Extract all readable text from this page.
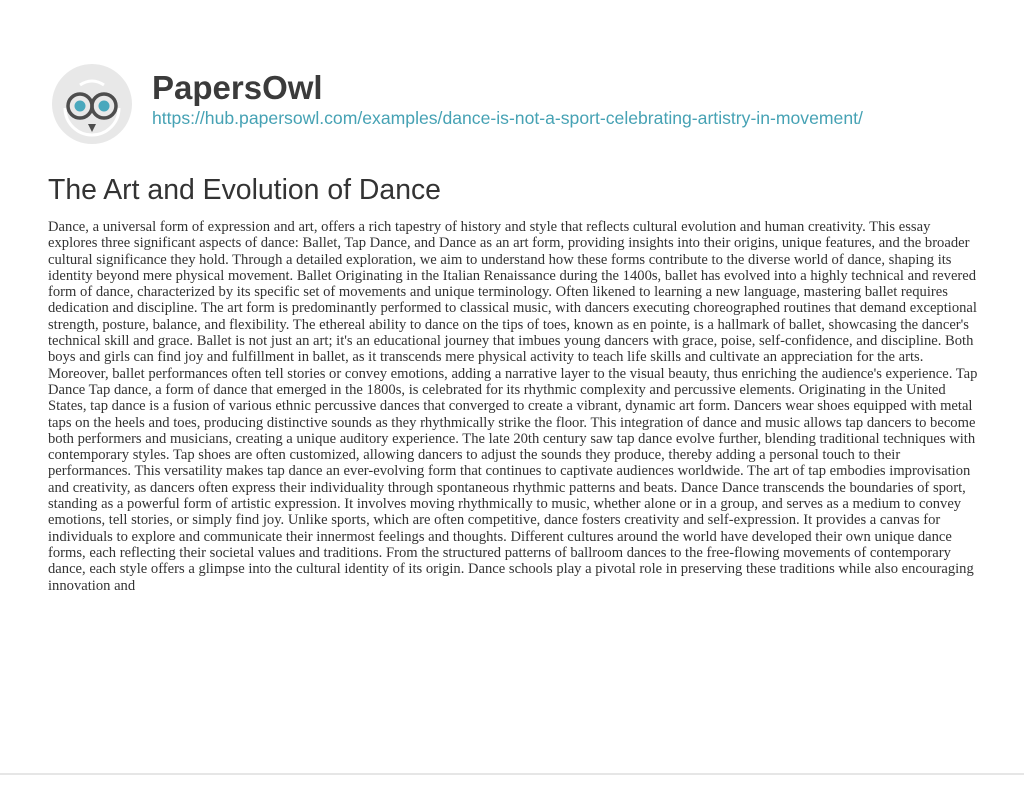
PapersOwl
https://hub.papersowl.com/examples/dance-is-not-a-sport-celebrating-artistry-in-movement/
The Art and Evolution of Dance

Dance, a universal form of expression and art, offers a rich tapestry of history and style that reflects cultural evolution and human creativity. This essay explores three significant aspects of dance: Ballet, Tap Dance, and Dance as an art form, providing insights into their origins, unique features, and the broader cultural significance they hold. Through a detailed exploration, we aim to understand how these forms contribute to the diverse world of dance, shaping its identity beyond mere physical movement. Ballet Originating in the Italian Renaissance during the 1400s, ballet has evolved into a highly technical and revered form of dance, characterized by its specific set of movements and unique terminology. Often likened to learning a new language, mastering ballet requires dedication and discipline. The art form is predominantly performed to classical music, with dancers executing choreographed routines that demand exceptional strength, posture, balance, and flexibility. The ethereal ability to dance on the tips of toes, known as en pointe, is a hallmark of ballet, showcasing the dancer's technical skill and grace. Ballet is not just an art; it's an educational journey that imbues young dancers with grace, poise, self-confidence, and discipline. Both boys and girls can find joy and fulfillment in ballet, as it transcends mere physical activity to teach life skills and cultivate an appreciation for the arts. Moreover, ballet performances often tell stories or convey emotions, adding a narrative layer to the visual beauty, thus enriching the audience's experience. Tap Dance Tap dance, a form of dance that emerged in the 1800s, is celebrated for its rhythmic complexity and percussive elements. Originating in the United States, tap dance is a fusion of various ethnic percussive dances that converged to create a vibrant, dynamic art form. Dancers wear shoes equipped with metal taps on the heels and toes, producing distinctive sounds as they rhythmically strike the floor. This integration of dance and music allows tap dancers to become both performers and musicians, creating a unique auditory experience. The late 20th century saw tap dance evolve further, blending traditional techniques with contemporary styles. Tap shoes are often customized, allowing dancers to adjust the sounds they produce, thereby adding a personal touch to their performances. This versatility makes tap dance an ever-evolving form that continues to captivate audiences worldwide. The art of tap embodies improvisation and creativity, as dancers often express their individuality through spontaneous rhythmic patterns and beats. Dance Dance transcends the boundaries of sport, standing as a powerful form of artistic expression. It involves moving rhythmically to music, whether alone or in a group, and serves as a medium to convey emotions, tell stories, or simply find joy. Unlike sports, which are often competitive, dance fosters creativity and self-expression. It provides a canvas for individuals to explore and communicate their innermost feelings and thoughts. Different cultures around the world have developed their own unique dance forms, each reflecting their societal values and traditions. From the structured patterns of ballroom dances to the free-flowing movements of contemporary dance, each style offers a glimpse into the cultural identity of its origin. Dance schools play a pivotal role in preserving these traditions while also encouraging innovation and
